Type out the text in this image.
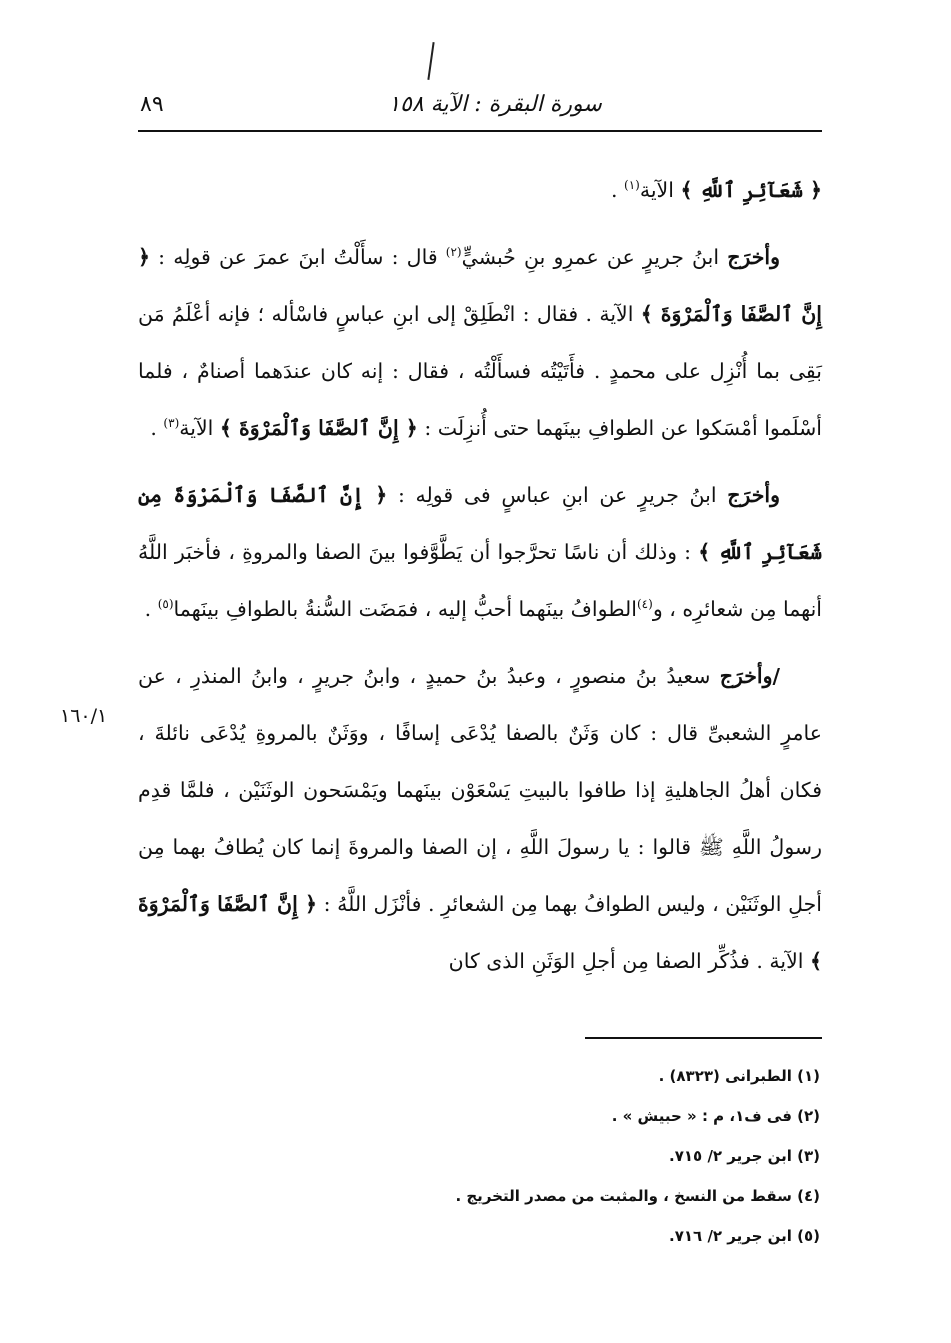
٨٩	سورة البقرة : الآية ١٥٨

﴿ شَعَآئِرِ ٱللَّهِ ﴾ الآية$^{(١)}$ .

وأخرَج ابنُ جريرٍ عن عمرِو بنِ حُبشيٍّ$^{(٢)}$ قال : سأَلْتُ ابنَ عمرَ عن قولِه : ﴿ إِنَّ ٱلصَّفَا وَٱلْمَرْوَةَ ﴾ الآية . فقال : انْطَلِقْ إلى ابنِ عباسٍ فاسْأله ؛ فإنه أعْلَمُ مَن بَقِى بما أُنْزِل على محمدٍ . فأَتَيْتُه فسأَلْتُه ، فقال : إنه كان عندَهما أصنامٌ ، فلما أسْلَموا أمْسَكوا عن الطوافِ بينَهما حتى أُنزِلَت : ﴿ إِنَّ ٱلصَّفَا وَٱلْمَرْوَةَ ﴾ الآية$^{(٣)}$ .

وأخرَج ابنُ جريرٍ عن ابنِ عباسٍ فى قولِه : ﴿ إِنَّ ٱلصَّفَا وَٱلْمَرْوَةَ مِن شَعَآئِرِ ٱللَّهِ ﴾ : وذلك أن ناسًا تحرَّجوا أن يَطَّوَّفوا بينَ الصفا والمروةِ ، فأخبَر اللَّهُ أنهما مِن شعائرِه ، و$^{(٤)}$الطوافُ بينَهما أحبُّ إليه ، فمَضَت السُّنةُ بالطوافِ بينَهما$^{(٥)}$ .

/وأخرَج سعيدُ بنُ منصورٍ ، وعبدُ بنُ حميدٍ ، وابنُ جريرٍ ، وابنُ المنذرِ ، عن عامرٍ الشعبىِّ قال : كان وَثَنٌ بالصفا يُدْعَى إسافًا ، ووَثَنٌ بالمروةِ يُدْعَى نائلةَ ، فكان أهلُ الجاهليةِ إذا طافوا بالبيتِ يَسْعَوْن بينَهما ويَمْسَحون الوثَنَيْن ، فلمَّا قدِم رسولُ اللَّهِ ﷺ قالوا : يا رسولَ اللَّهِ ، إن الصفا والمروةَ إنما كان يُطافُ بهما مِن أجلِ الوثَنَيْن ، وليس الطوافُ بهما مِن الشعائرِ . فأنْزَل اللَّهُ : ﴿ إِنَّ ٱلصَّفَا وَٱلْمَرْوَةَ ﴾ الآية . فذُكِّر الصفا مِن أجلِ الوَثَنِ الذى كان

١٦٠/١
(١) الطبرانى (٨٣٢٣) .
(٢) فى ف١، م : « حبيش » .
(٣) ابن جرير ٢/ ٧١٥.
(٤) سقط من النسخ ، والمثبت من مصدر التخريج .
(٥) ابن جرير ٢/ ٧١٦.
